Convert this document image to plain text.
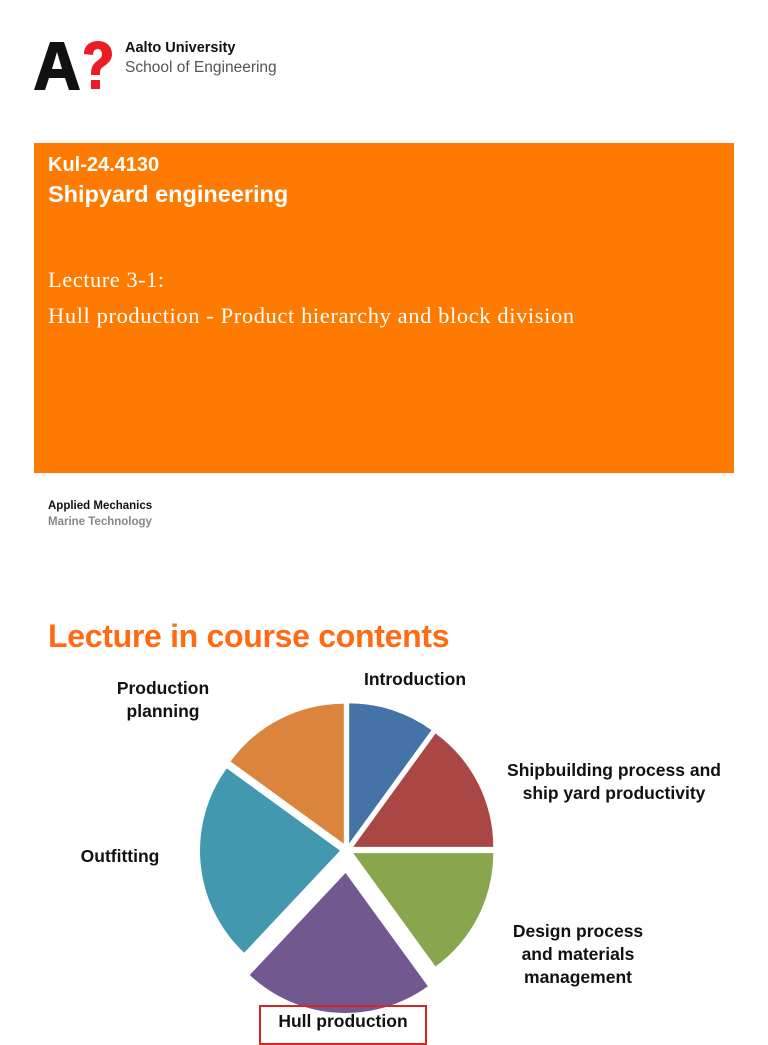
Aalto University
School of Engineering
Kul-24.4130
Shipyard engineering
Lecture 3-1:
Hull production - Product hierarchy and block division
Applied Mechanics
Marine Technology
Lecture in course contents
Introduction
Production planning
Shipbuilding process and ship yard productivity
Outfitting
Design process and materials management
Hull production
